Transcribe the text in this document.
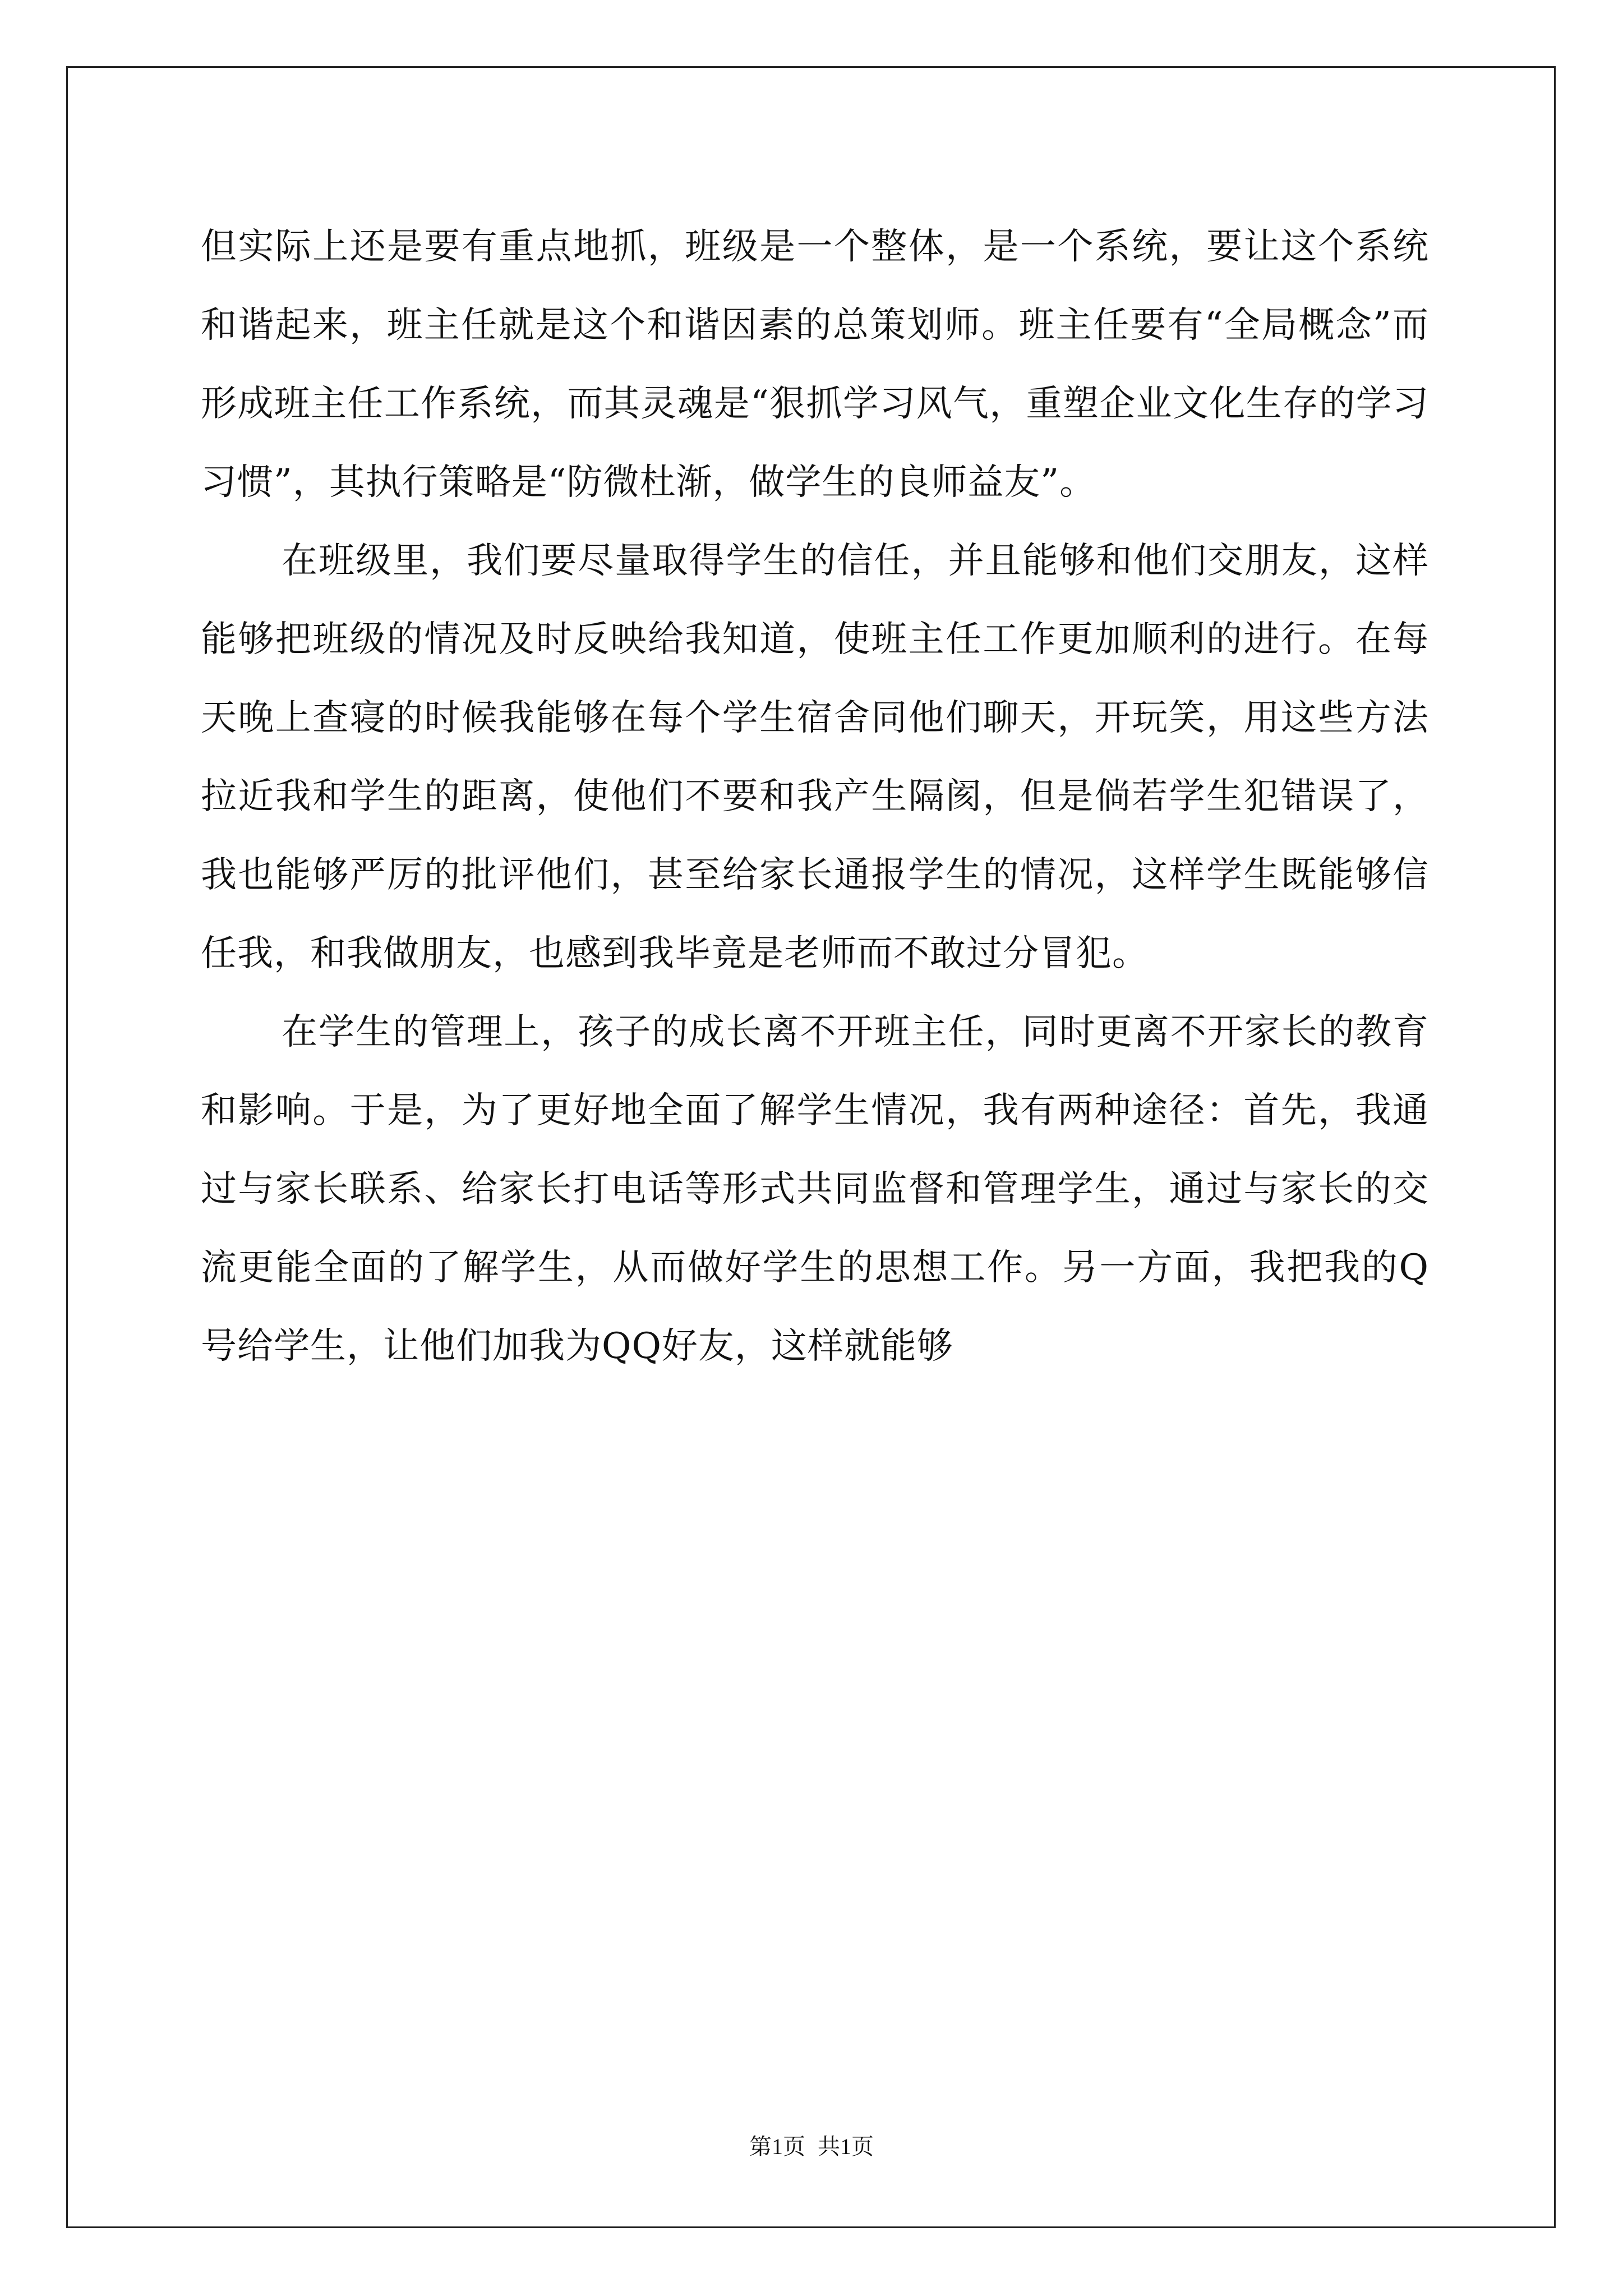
但实际上还是要有重点地抓，班级是一个整体，是一个系统，要让这个系统和谐起来，班主任就是这个和谐因素的总策划师。班主任要有“全局概念”而形成班主任工作系统，而其灵魂是“狠抓学习风气，重塑企业文化生存的学习习惯”，其执行策略是“防微杜渐，做学生的良师益友”。

在班级里，我们要尽量取得学生的信任，并且能够和他们交朋友，这样能够把班级的情况及时反映给我知道，使班主任工作更加顺利的进行。在每天晚上查寝的时候我能够在每个学生宿舍同他们聊天，开玩笑，用这些方法拉近我和学生的距离，使他们不要和我产生隔阂，但是倘若学生犯错误了，我也能够严厉的批评他们，甚至给家长通报学生的情况，这样学生既能够信任我，和我做朋友，也感到我毕竟是老师而不敢过分冒犯。

在学生的管理上，孩子的成长离不开班主任，同时更离不开家长的教育和影响。于是，为了更好地全面了解学生情况，我有两种途径：首先，我通过与家长联系、给家长打电话等形式共同监督和管理学生，通过与家长的交流更能全面的了解学生，从而做好学生的思想工作。另一方面，我把我的Q号给学生，让他们加我为QQ好友，这样就能够

第1页 共1页
